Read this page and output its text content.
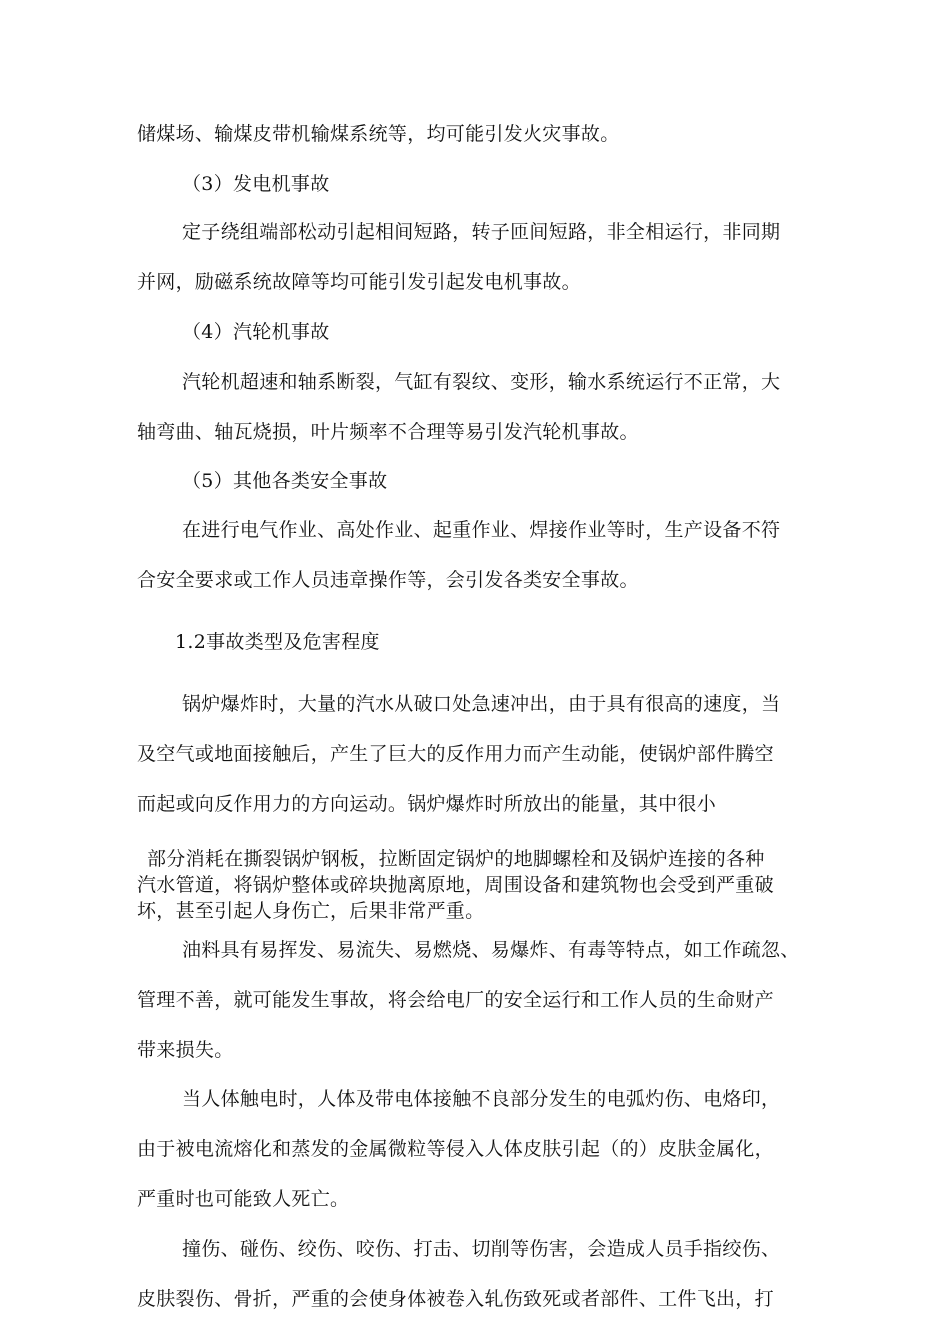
储煤场、输煤皮带机输煤系统等，均可能引发火灾事故。
（3）发电机事故
定子绕组端部松动引起相间短路，转子匝间短路，非全相运行，非同期
并网，励磁系统故障等均可能引发引起发电机事故。
（4）汽轮机事故
汽轮机超速和轴系断裂，气缸有裂纹、变形，输水系统运行不正常，大
轴弯曲、轴瓦烧损，叶片频率不合理等易引发汽轮机事故。
（5）其他各类安全事故
在进行电气作业、高处作业、起重作业、焊接作业等时，生产设备不符
合安全要求或工作人员违章操作等，会引发各类安全事故。
1.2事故类型及危害程度
锅炉爆炸时，大量的汽水从破口处急速冲出，由于具有很高的速度，当
及空气或地面接触后，产生了巨大的反作用力而产生动能，使锅炉部件腾空
而起或向反作用力的方向运动。锅炉爆炸时所放出的能量，其中很小
部分消耗在撕裂锅炉钢板，拉断固定锅炉的地脚螺栓和及锅炉连接的各种
汽水管道，将锅炉整体或碎块抛离原地，周围设备和建筑物也会受到严重破
坏，甚至引起人身伤亡，后果非常严重。
油料具有易挥发、易流失、易燃烧、易爆炸、有毒等特点，如工作疏忽、
管理不善，就可能发生事故，将会给电厂的安全运行和工作人员的生命财产
带来损失。
当人体触电时，人体及带电体接触不良部分发生的电弧灼伤、电烙印，
由于被电流熔化和蒸发的金属微粒等侵入人体皮肤引起（的）皮肤金属化，
严重时也可能致人死亡。
撞伤、碰伤、绞伤、咬伤、打击、切削等伤害，会造成人员手指绞伤、
皮肤裂伤、骨折，严重的会使身体被卷入轧伤致死或者部件、工件飞出，打
